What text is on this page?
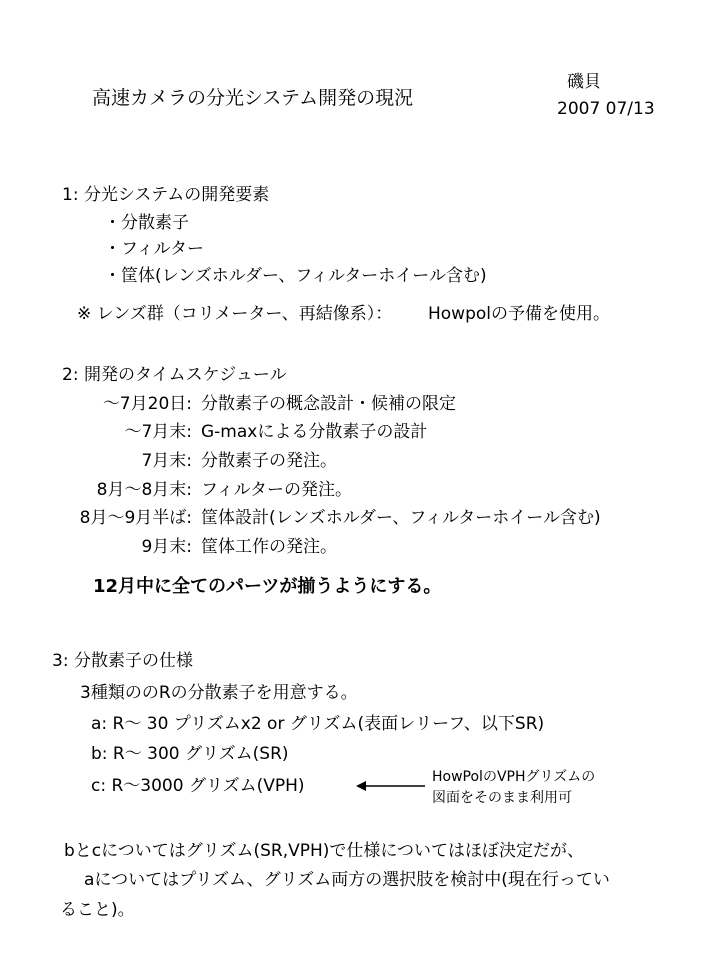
高速カメラの分光システム開発の現況
磯貝
2007 07/13
1: 分光システムの開発要素
・分散素子
・フィルター
・筐体(レンズホルダー、フィルターホイール含む)
※ レンズ群（コリメーター、再結像系）： Howpolの予備を使用。
2: 開発のタイムスケジュール
〜7月20日: 分散素子の概念設計・候補の限定
〜7月末: G-maxによる分散素子の設計
7月末: 分散素子の発注。
8月〜8月末: フィルターの発注。
8月〜9月半ば: 筐体設計(レンズホルダー、フィルターホイール含む)
9月末: 筐体工作の発注。
12月中に全てのパーツが揃うようにする。
3: 分散素子の仕様
3種類ののRの分散素子を用意する。
a: R〜 30 プリズムx2 or グリズム(表面レリーフ、以下SR)
b: R〜 300 グリズム(SR)
c: R〜3000 グリズム(VPH)	HowPolのVPHグリズムの
図面をそのまま利用可
bとcについてはグリズム(SR,VPH)で仕様についてはほぼ決定だが、
aについてはプリズム、グリズム両方の選択肢を検討中(現在行ってい
ること)。
